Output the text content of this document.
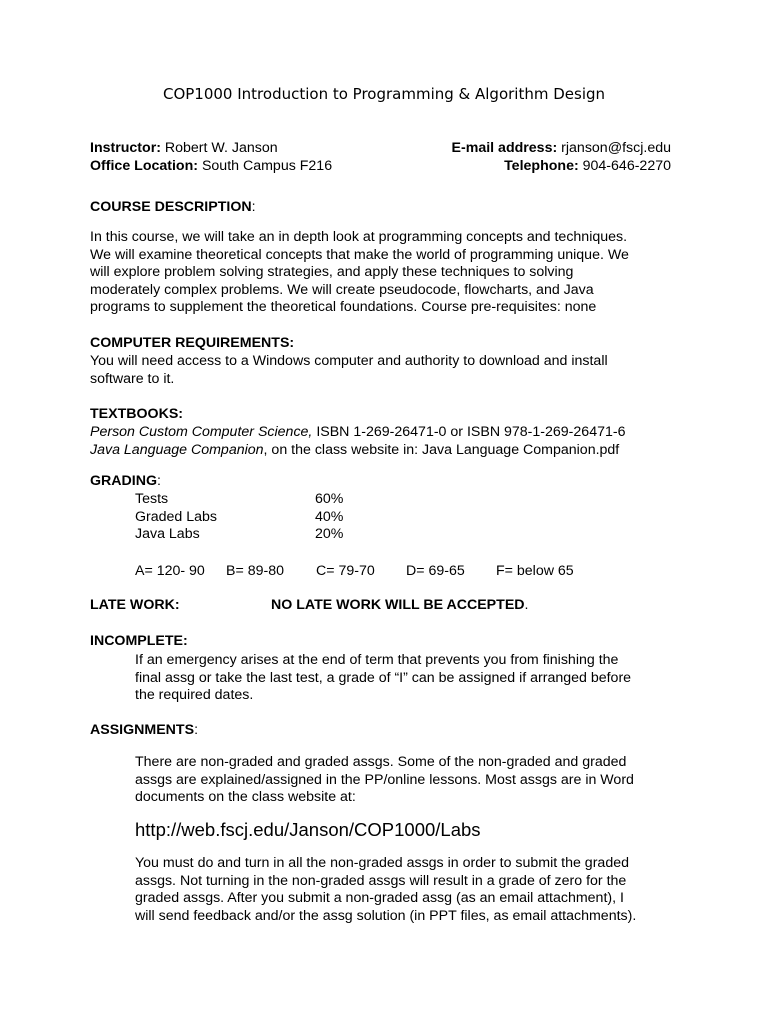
COP1000 Introduction to Programming & Algorithm Design
Instructor: Robert W. Janson
Office Location: South Campus F216
E-mail address: rjanson@fscj.edu
Telephone: 904-646-2270
COURSE DESCRIPTION:

In this course, we will take an in depth look at programming concepts and techniques.

We will examine theoretical concepts that make the world of programming unique. We

will explore problem solving strategies, and apply these techniques to solving

moderately complex problems. We will create pseudocode, flowcharts, and Java

programs to supplement the theoretical foundations. Course pre-requisites: none

COMPUTER REQUIREMENTS:

You will need access to a Windows computer and authority to download and install

software to it.

TEXTBOOKS:

Person Custom Computer Science, ISBN 1-269-26471-0 or ISBN 978-1-269-26471-6

Java Language Companion, on the class website in: Java Language Companion.pdf

GRADING:
Tests	60%
Graded Labs	40%
Java Labs	20%
A= 120- 90 B= 89-80 C= 79-70 D= 69-65 F= below 65
LATE WORK:	NO LATE WORK WILL BE ACCEPTED.
INCOMPLETE:

If an emergency arises at the end of term that prevents you from finishing the

final assg or take the last test, a grade of “I” can be assigned if arranged before

the required dates.

ASSIGNMENTS:

There are non-graded and graded assgs. Some of the non-graded and graded

assgs are explained/assigned in the PP/online lessons. Most assgs are in Word

documents on the class website at:

http://web.fscj.edu/Janson/COP1000/Labs

You must do and turn in all the non-graded assgs in order to submit the graded

assgs. Not turning in the non-graded assgs will result in a grade of zero for the

graded assgs. After you submit a non-graded assg (as an email attachment), I

will send feedback and/or the assg solution (in PPT files, as email attachments).
